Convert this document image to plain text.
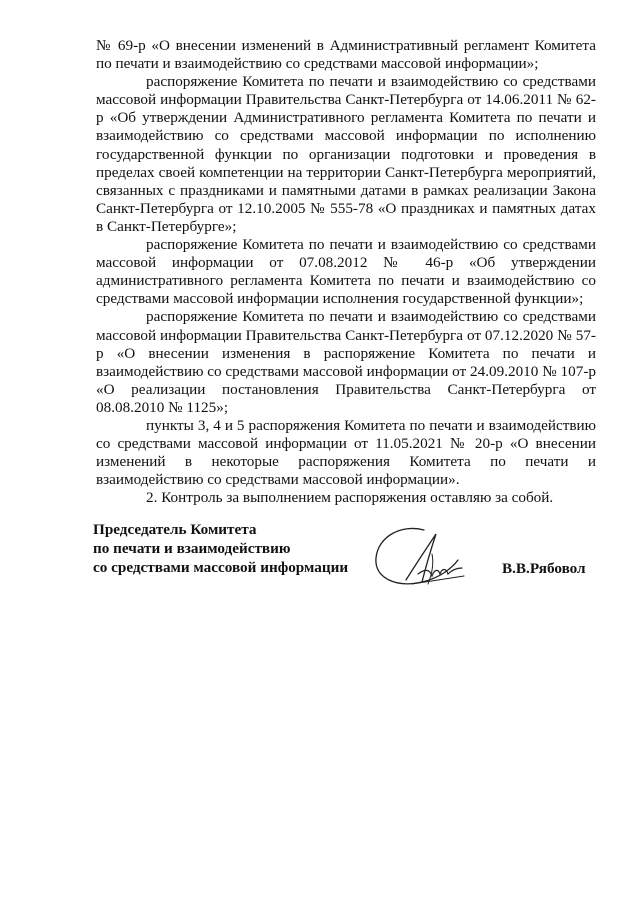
№ 69-р «О внесении изменений в Административный регламент Комитета по печати и взаимодействию со средствами массовой информации»;

распоряжение Комитета по печати и взаимодействию со средствами массовой информации Правительства Санкт-Петербурга от 14.06.2011 № 62-р «Об утверждении Административного регламента Комитета по печати и взаимодействию со средствами массовой информации по исполнению государственной функции по организации подготовки и проведения в пределах своей компетенции на территории Санкт-Петербурга мероприятий, связанных с праздниками и памятными датами в рамках реализации Закона Санкт-Петербурга от 12.10.2005 № 555-78 «О праздниках и памятных датах в Санкт-Петербурге»;

распоряжение Комитета по печати и взаимодействию со средствами массовой информации от 07.08.2012 № 46-р «Об утверждении административного регламента Комитета по печати и взаимодействию со средствами массовой информации исполнения государственной функции»;

распоряжение Комитета по печати и взаимодействию со средствами массовой информации Правительства Санкт-Петербурга от 07.12.2020 № 57-р «О внесении изменения в распоряжение Комитета по печати и взаимодействию со средствами массовой информации от 24.09.2010 № 107-р «О реализации постановления Правительства Санкт-Петербурга от 08.08.2010 № 1125»;

пункты 3, 4 и 5 распоряжения Комитета по печати и взаимодействию со средствами массовой информации от 11.05.2021 № 20-р «О внесении изменений в некоторые распоряжения Комитета по печати и взаимодействию со средствами массовой информации».

2. Контроль за выполнением распоряжения оставляю за собой.

Председатель Комитета
по печати и взаимодействию
со средствами массовой информации	В.В.Рябовол
